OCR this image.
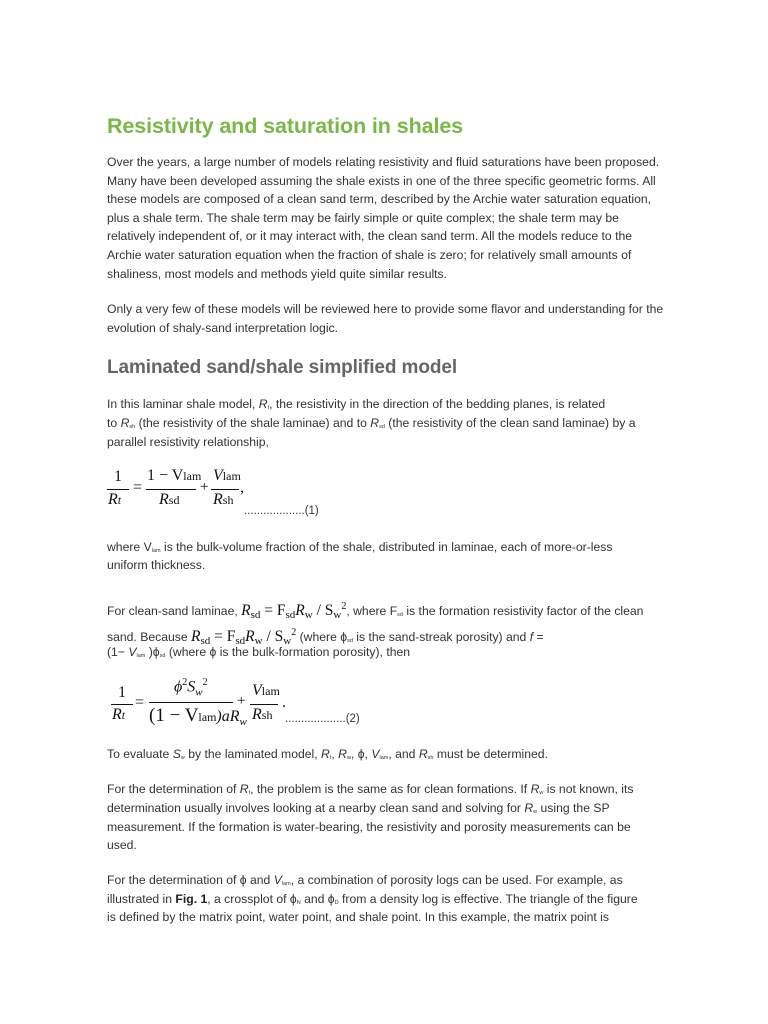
Resistivity and saturation in shales

Over the years, a large number of models relating resistivity and fluid saturations have been proposed. Many have been developed assuming the shale exists in one of the three specific geometric forms. All these models are composed of a clean sand term, described by the Archie water saturation equation, plus a shale term. The shale term may be fairly simple or quite complex; the shale term may be relatively independent of, or it may interact with, the clean sand term. All the models reduce to the Archie water saturation equation when the fraction of shale is zero; for relatively small amounts of shaliness, most models and methods yield quite similar results.

Only a very few of these models will be reviewed here to provide some flavor and understanding for the evolution of shaly-sand interpretation logic.

Laminated sand/shale simplified model
In this laminar shale model, Rt, the resistivity in the direction of the bedding planes, is related
to Rsh (the resistivity of the shale laminae) and to Rsd (the resistivity of the clean sand laminae) by a
parallel resistivity relationship,
1
Rt
=
1 − Vlam
Rsd
+
Vlam
Rsh
,
...................(1)
where Vlam is the bulk-volume fraction of the shale, distributed in laminae, each of more-or-less
uniform thickness.
For clean-sand laminae, $R_{sd} = F_{sd}R_w / S_w^2$, where Fsd is the formation resistivity factor of the clean
sand. Because $R_{sd} = F_{sd}R_w / S_w^2$ (where ϕsd is the sand-streak porosity) and f =
(1− Vlam )ϕsd (where ϕ is the bulk-formation porosity), then
1
Rt
=
$\phi^2S_w^2$
$(1 - Vlam)aR_w$
+
Vlam
Rsh
.
...................(2)
To evaluate Sw by the laminated model, Rt, Rw, ϕ, Vlam, and Rsh must be determined.
For the determination of Rt, the problem is the same as for clean formations. If Rw is not known, its
determination usually involves looking at a nearby clean sand and solving for Rw using the SP
measurement. If the formation is water-bearing, the resistivity and porosity measurements can be
used.
For the determination of ϕ and Vlam, a combination of porosity logs can be used. For example, as
illustrated in Fig. 1, a crossplot of ϕN and ϕD from a density log is effective. The triangle of the figure
is defined by the matrix point, water point, and shale point. In this example, the matrix point is
